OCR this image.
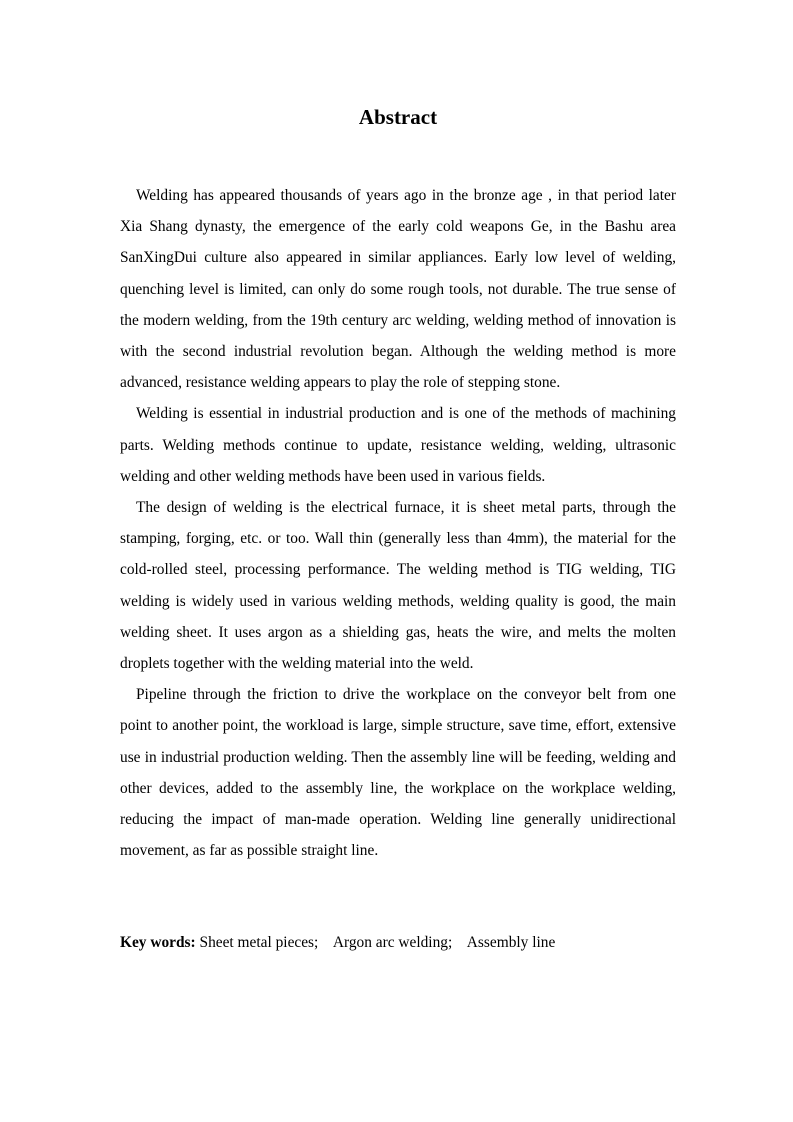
Abstract

Welding has appeared thousands of years ago in the bronze age , in that period later Xia Shang dynasty, the emergence of the early cold weapons Ge, in the Bashu area SanXingDui culture also appeared in similar appliances. Early low level of welding, quenching level is limited, can only do some rough tools, not durable. The true sense of the modern welding, from the 19th century arc welding, welding method of innovation is with the second industrial revolution began. Although the welding method is more advanced, resistance welding appears to play the role of stepping stone.

Welding is essential in industrial production and is one of the methods of machining parts. Welding methods continue to update, resistance welding, welding, ultrasonic welding and other welding methods have been used in various fields.

The design of welding is the electrical furnace, it is sheet metal parts, through the stamping, forging, etc. or too. Wall thin (generally less than 4mm), the material for the cold-rolled steel, processing performance. The welding method is TIG welding, TIG welding is widely used in various welding methods, welding quality is good, the main welding sheet. It uses argon as a shielding gas, heats the wire, and melts the molten droplets together with the welding material into the weld.

Pipeline through the friction to drive the workplace on the conveyor belt from one point to another point, the workload is large, simple structure, save time, effort, extensive use in industrial production welding. Then the assembly line will be feeding, welding and other devices, added to the assembly line, the workplace on the workplace welding, reducing the impact of man-made operation. Welding line generally unidirectional movement, as far as possible straight line.

Key words: Sheet metal pieces;    Argon arc welding;    Assembly line
